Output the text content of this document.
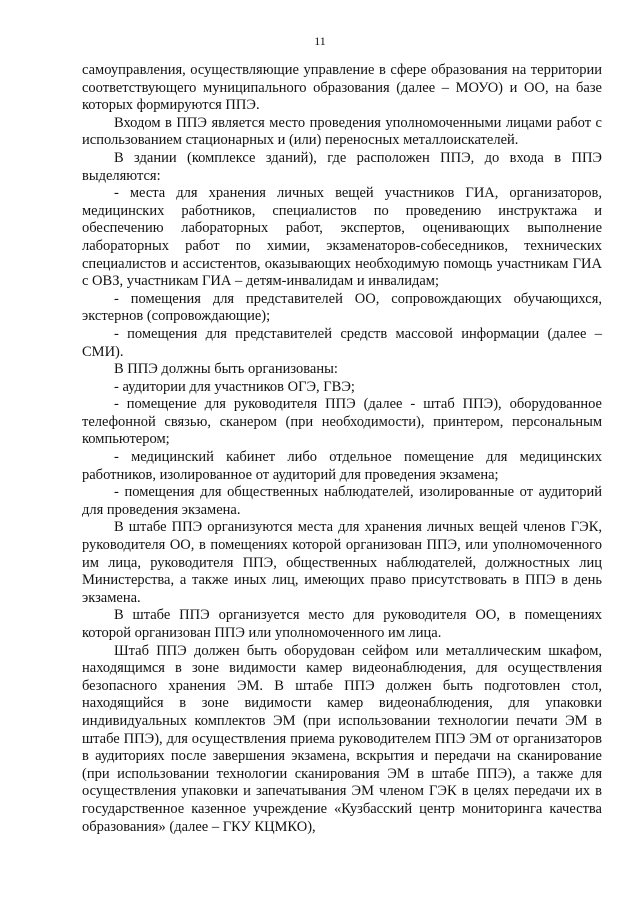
11

самоуправления, осуществляющие управление в сфере образования на территории соответствующего муниципального образования (далее – МОУО) и ОО, на базе которых формируются ППЭ.

Входом в ППЭ является место проведения уполномоченными лицами работ с использованием стационарных и (или) переносных металлоискателей.

В здании (комплексе зданий), где расположен ППЭ, до входа в ППЭ выделяются:

- места для хранения личных вещей участников ГИА, организаторов, медицинских работников, специалистов по проведению инструктажа и обеспечению лабораторных работ, экспертов, оценивающих выполнение лабораторных работ по химии, экзаменаторов-собеседников, технических специалистов и ассистентов, оказывающих необходимую помощь участникам ГИА с ОВЗ, участникам ГИА – детям-инвалидам и инвалидам;

- помещения для представителей ОО, сопровождающих обучающихся, экстернов (сопровождающие);

- помещения для представителей средств массовой информации (далее – СМИ).

В ППЭ должны быть организованы:

- аудитории для участников ОГЭ, ГВЭ;

- помещение для руководителя ППЭ (далее - штаб ППЭ), оборудованное телефонной связью, сканером (при необходимости), принтером, персональным компьютером;

- медицинский кабинет либо отдельное помещение для медицинских работников, изолированное от аудиторий для проведения экзамена;

- помещения для общественных наблюдателей, изолированные от аудиторий для проведения экзамена.

В штабе ППЭ организуются места для хранения личных вещей членов ГЭК, руководителя ОО, в помещениях которой организован ППЭ, или уполномоченного им лица, руководителя ППЭ, общественных наблюдателей, должностных лиц Министерства, а также иных лиц, имеющих право присутствовать в ППЭ в день экзамена.

В штабе ППЭ организуется место для руководителя ОО, в помещениях которой организован ППЭ или уполномоченного им лица.

Штаб ППЭ должен быть оборудован сейфом или металлическим шкафом, находящимся в зоне видимости камер видеонаблюдения, для осуществления безопасного хранения ЭМ. В штабе ППЭ должен быть подготовлен стол, находящийся в зоне видимости камер видеонаблюдения, для упаковки индивидуальных комплектов ЭМ (при использовании технологии печати ЭМ в штабе ППЭ), для осуществления приема руководителем ППЭ ЭМ от организаторов в аудиториях после завершения экзамена, вскрытия и передачи на сканирование (при использовании технологии сканирования ЭМ в штабе ППЭ), а также для осуществления упаковки и запечатывания ЭМ членом ГЭК в целях передачи их в государственное казенное учреждение «Кузбасский центр мониторинга качества образования» (далее – ГКУ КЦМКО),
